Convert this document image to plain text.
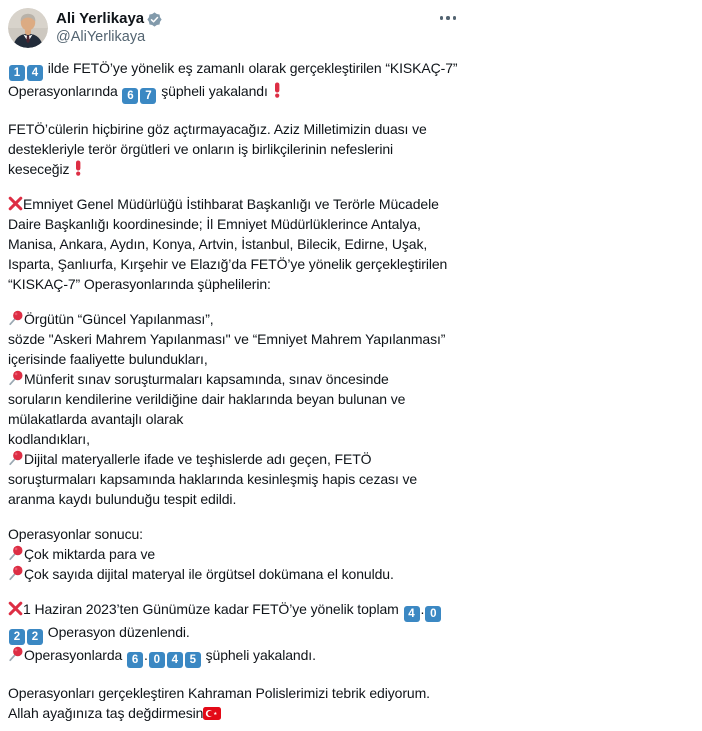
Ali Yerlikaya
@AliYerlikaya
1 4 ilde FETÖ’ye yönelik eş zamanlı olarak gerçekleştirilen “KISKAÇ-7”
Operasyonlarında 6 7 şüpheli yakalandı
FETÖ’cülerin hiçbirine göz açtırmayacağız. Aziz Milletimizin duası ve
destekleriyle terör örgütleri ve onların iş birlikçilerinin nefeslerini
keseceğiz
Emniyet Genel Müdürlüğü İstihbarat Başkanlığı ve Terörle Mücadele
Daire Başkanlığı koordinesinde; İl Emniyet Müdürlüklerince Antalya,
Manisa, Ankara, Aydın, Konya, Artvin, İstanbul, Bilecik, Edirne, Uşak,
Isparta, Şanlıurfa, Kırşehir ve Elazığ’da FETÖ’ye yönelik gerçekleştirilen
“KISKAÇ-7” Operasyonlarında şüphelilerin:
Örgütün “Güncel Yapılanması”,
sözde "Askeri Mahrem Yapılanması" ve “Emniyet Mahrem Yapılanması”
içerisinde faaliyette bulundukları,
Münferit sınav soruşturmaları kapsamında, sınav öncesinde
soruların kendilerine verildiğine dair haklarında beyan bulunan ve
mülakatlarda avantajlı olarak
kodlandıkları,
Dijital materyallerle ifade ve teşhislerde adı geçen, FETÖ
soruşturmaları kapsamında haklarında kesinleşmiş hapis cezası ve
aranma kaydı bulunduğu tespit edildi.
Operasyonlar sonucu:
Çok miktarda para ve
Çok sayıda dijital materyal ile örgütsel dokümana el konuldu.
1 Haziran 2023’ten Günümüze kadar FETÖ’ye yönelik toplam 4 . 0
2 2 Operasyon düzenlendi.
Operasyonlarda 6 . 0 4 5 şüpheli yakalandı.
Operasyonları gerçekleştiren Kahraman Polislerimizi tebrik ediyorum.
Allah ayağınıza taş değdirmesin
